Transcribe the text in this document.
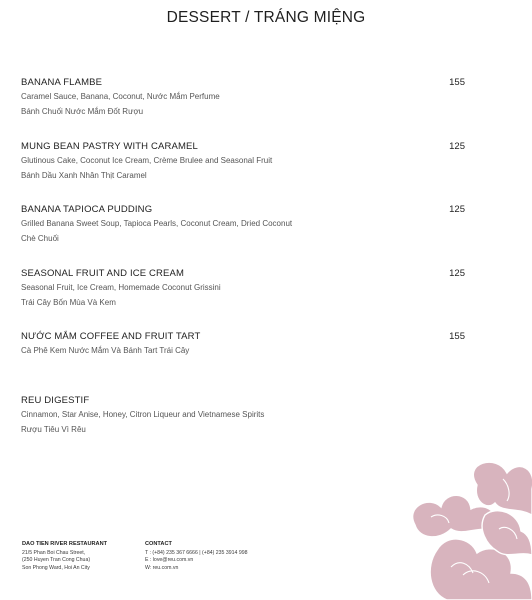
DESSERT / TRÁNG MIỆNG
BANANA FLAMBE	155
Caramel Sauce, Banana, Coconut, Nước Mắm Perfume
Bánh Chuối Nước Mắm Đốt Rượu
MUNG BEAN PASTRY WITH CARAMEL	125
Glutinous Cake, Coconut Ice Cream, Crème Brulee and Seasonal Fruit
Bánh Dầu Xanh Nhân Thịt Caramel
BANANA TAPIOCA PUDDING	125
Grilled Banana Sweet Soup, Tapioca Pearls, Coconut Cream, Dried Coconut
Chè Chuối
SEASONAL FRUIT AND ICE CREAM	125
Seasonal Fruit, Ice Cream, Homemade Coconut Grissini
Trái Cây Bốn Mùa Và Kem
NƯỚC MẮM COFFEE AND FRUIT TART	155
Cà Phê Kem Nước Mắm Và Bánh Tart Trái Cây
REU DIGESTIF
Cinnamon, Star Anise, Honey, Citron Liqueur and Vietnamese Spirits
Rượu Tiêu Vì Rêu
DAO TIEN RIVER RESTAURANT
21/5 Phan Boi Chau Street,
(250 Huyen Tran Cong Chua)
Son Phong Ward, Hoi An City
CONTACT
T : (+84) 235 367 6666 | (+84) 235 3914 998
E : love@reu.com.vn
W: reu.com.vn
